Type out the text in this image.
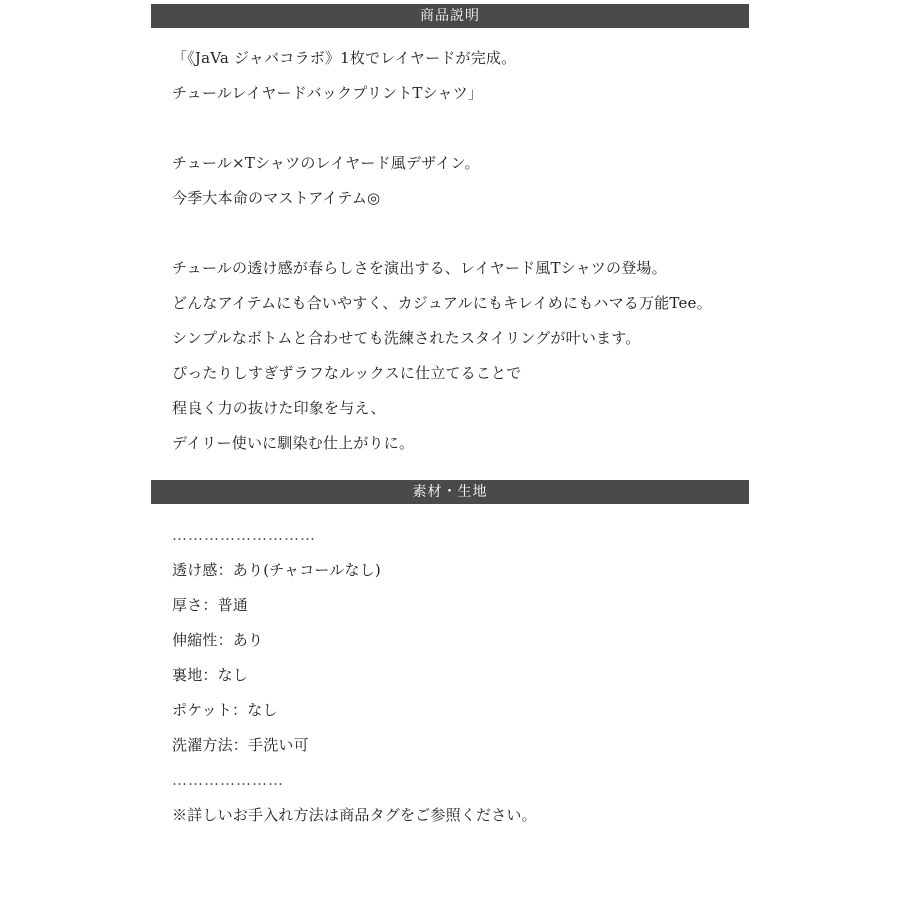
商品説明
「《JaVa ジャバコラボ》1枚でレイヤードが完成。
チュールレイヤードバックプリントTシャツ」
チュール×Tシャツのレイヤード風デザイン。
今季大本命のマストアイテム◎
チュールの透け感が春らしさを演出する、レイヤード風Tシャツの登場。
どんなアイテムにも合いやすく、カジュアルにもキレイめにもハマる万能Tee。
シンプルなボトムと合わせても洗練されたスタイリングが叶います。
ぴったりしすぎずラフなルックスに仕立てることで
程良く力の抜けた印象を与え、
デイリー使いに馴染む仕上がりに。
素材・生地
………………………
透け感：あり(チャコールなし)
厚さ：普通
伸縮性：あり
裏地：なし
ポケット：なし
洗濯方法：手洗い可
…………………
※詳しいお手入れ方法は商品タグをご参照ください。
